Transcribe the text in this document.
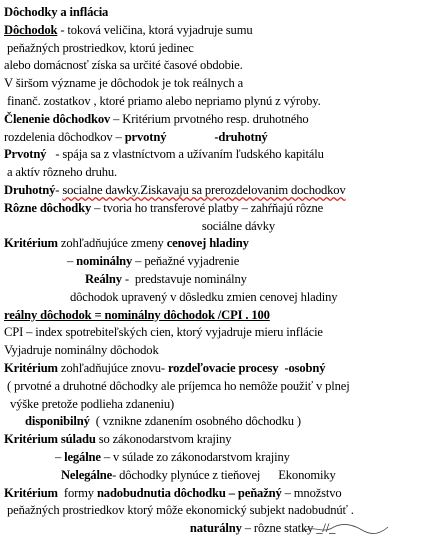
Dôchodky a inflácia
Dôchodok - toková veličina, ktorá vyjadruje sumu
peňažných prostriedkov, ktorú jedinec
alebo domácnosť získa sa určité časové obdobie.
V širšom význame je dôchodok je tok reálnych a
finanč. zostatkov , ktoré priamo alebo nepriamo plynú z výroby.
Členenie dôchodkov – Kritérium prvotného resp. druhotného
rozdelenia dôchodkov – prvotný	-druhotný
Prvotný   - spája sa z vlastníctvom a užívaním ľudského kapitálu
a aktív rôzneho druhu.
Druhotný- socialne dawky.Ziskavaju sa prerozdelovanim dochodkov
Rôzne dôchodky – tvoria ho transferové platby – zahŕňajú rôzne
sociálne dávky
Kritérium zohľadňujúce zmeny cenovej hladiny
– nominálny – peňažné vyjadrenie
Reálny -  predstavuje nominálny
dôchodok upravený v dôsledku zmien cenovej hladiny
reálny dôchodok = nominálny dôchodok /CPI . 100
CPI – index spotrebiteľských cien, ktorý vyjadruje mieru inflácie
Vyjadruje nominálny dôchodok
Kritérium zohľadňujúce znovu- rozdeľovacie procesy  -osobný
( prvotné a druhotné dôchodky ale príjemca ho nemôže použiť v plnej
výške pretože podlieha zdaneniu)
disponibilný  ( vznikne zdanením osobného dôchodku )
Kritérium súladu so zákonodarstvom krajiny
– legálne – v súlade zo zákonodarstvom krajiny
Nelegálne- dôchodky plynúce z tieňovej      Ekonomiky
Kritérium  formy nadobudnutia dôchodku – peňažný – množstvo
peňažných prostriedkov ktorý môže ekonomický subjekt nadobudnúť .
naturálny – rôzne statky _//_
